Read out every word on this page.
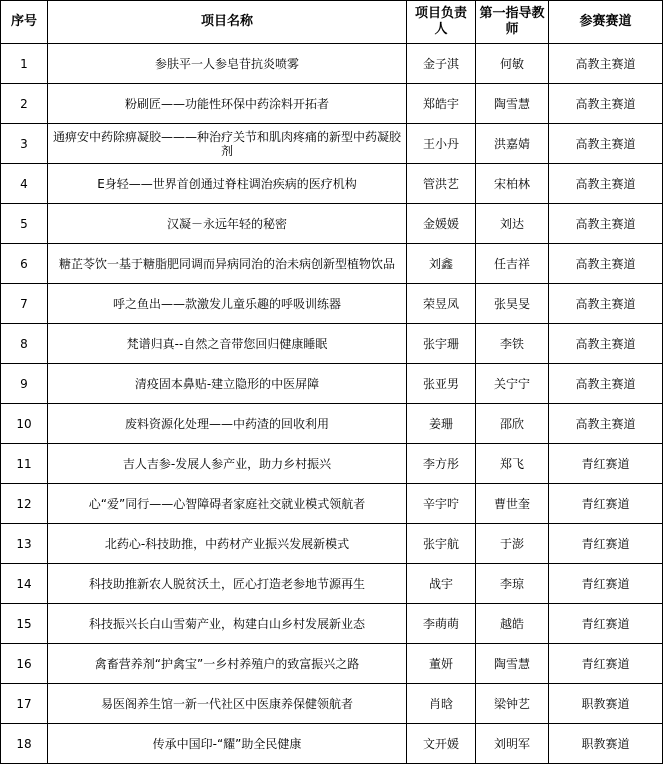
序号	项目名称	项目负责人	第一指导教师	参赛赛道
1	参肤平一人参皂苷抗炎喷雾	金子淇	何敏	高教主赛道
2	粉刷匠——功能性环保中药涂料开拓者	郑皓宇	陶雪慧	高教主赛道
3	通痹安中药除痹凝胶———种治疗关节和肌肉疼痛的新型中药凝胶剂	王小丹	洪嘉婧	高教主赛道
4	E身轻——世界首创通过脊柱调治疾病的医疗机构	管洪艺	宋柏林	高教主赛道
5	汉凝－永远年轻的秘密	金媛媛	刘达	高教主赛道
6	糖芷苓饮一基于糖脂肥同调而异病同治的治未病创新型植物饮品	刘鑫	任吉祥	高教主赛道
7	呼之鱼出——款激发儿童乐趣的呼吸训练器	荣昱凤	张昊旻	高教主赛道
8	梵谱归真--自然之音带您回归健康睡眠	张宇珊	李铁	高教主赛道
9	清疫固本鼻贴-建立隐形的中医屏障	张亚男	关宁宁	高教主赛道
10	废料资源化处理——中药渣的回收利用	姜珊	邵欣	高教主赛道
11	吉人吉参-发展人参产业，助力乡村振兴	李方彤	郑飞	青红赛道
12	心“爱”同行——心智障碍者家庭社交就业模式领航者	辛宇咛	曹世奎	青红赛道
13	北药心-科技助推，中药材产业振兴发展新模式	张宇航	于澎	青红赛道
14	科技助推新农人脱贫沃土，匠心打造老参地节源再生	战宇	李琼	青红赛道
15	科技振兴长白山雪菊产业，构建白山乡村发展新业态	李萌萌	越皓	青红赛道
16	禽畜营养剂“护禽宝”一乡村养殖户的致富振兴之路	董妍	陶雪慧	青红赛道
17	易医阁养生馆一新一代社区中医康养保健领航者	肖晗	梁钟艺	职教赛道
18	传承中国印-“耀”助全民健康	文开媛	刘明军	职教赛道
